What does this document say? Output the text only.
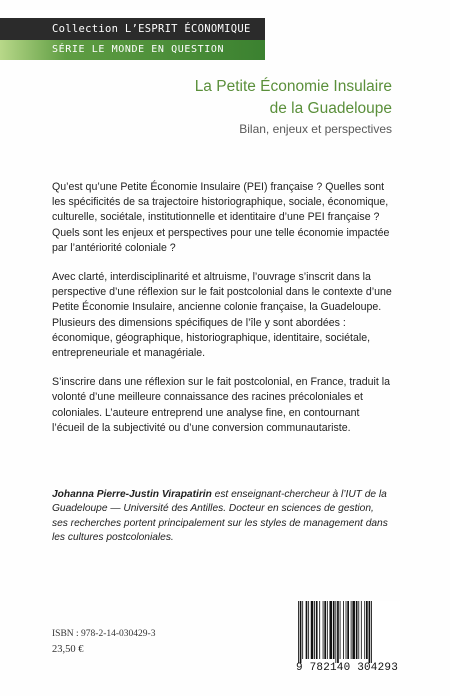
Collection L’ESPRIT ÉCONOMIQUE
SÉRIE LE MONDE EN QUESTION
La Petite Économie Insulaire
de la Guadeloupe
Bilan, enjeux et perspectives

Qu’est qu’une Petite Économie Insulaire (PEI) française ? Quelles sont les spécificités de sa trajectoire historiographique, sociale, économique, culturelle, sociétale, institutionnelle et identitaire d’une PEI française ? Quels sont les enjeux et perspectives pour une telle économie impactée par l’antériorité coloniale ?

Avec clarté, interdisciplinarité et altruisme, l’ouvrage s’inscrit dans la perspective d’une réflexion sur le fait postcolonial dans le contexte d’une Petite Économie Insulaire, ancienne colonie française, la Guadeloupe. Plusieurs des dimensions spécifiques de l’île y sont abordées : économique, géographique, historiographique, identitaire, sociétale, entrepreneuriale et managériale.

S’inscrire dans une réflexion sur le fait postcolonial, en France, traduit la volonté d’une meilleure connaissance des racines précoloniales et coloniales. L’auteure entreprend une analyse fine, en contournant l’écueil de la subjectivité ou d’une conversion communautariste.

Johanna Pierre-Justin Virapatirin est enseignant-chercheur à l’IUT de la Guadeloupe — Université des Antilles. Docteur en sciences de gestion, ses recherches portent principalement sur les styles de management dans les cultures postcoloniales.
ISBN : 978-2-14-030429-3
23,50 €
9 782140 304293
